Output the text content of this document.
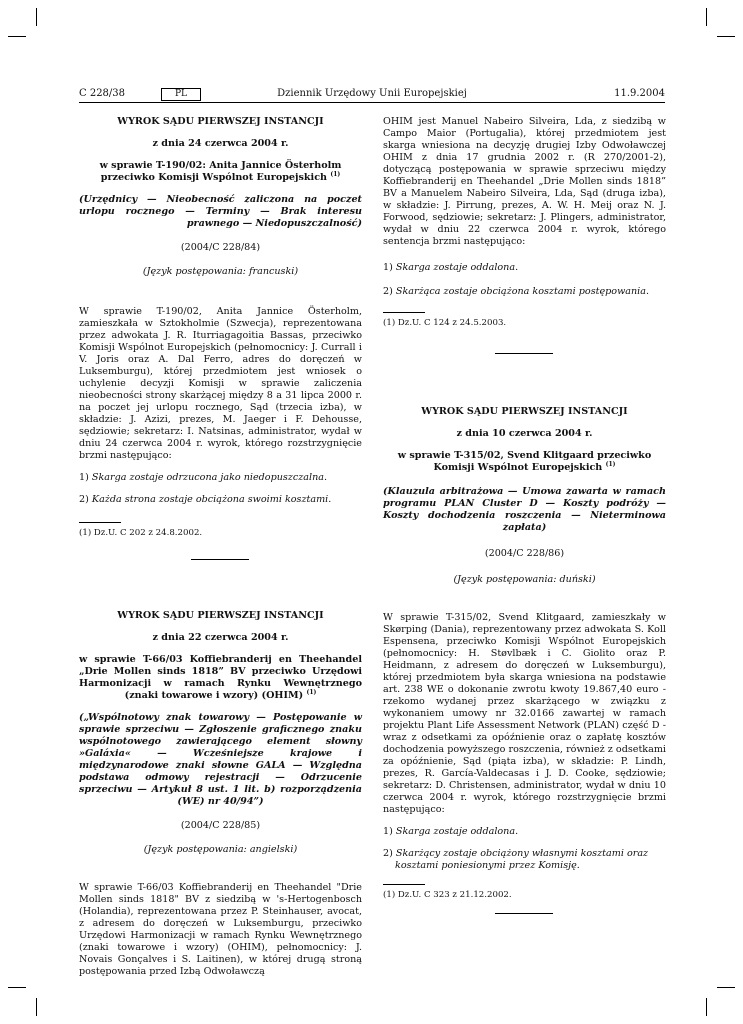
C 228/38	PL	Dziennik Urzędowy Unii Europejskiej	11.9.2004
WYROK SĄDU PIERWSZEJ INSTANCJI
z dnia 24 czerwca 2004 r.
w sprawie T-190/02: Anita Jannice Österholm przeciwko Komisji Wspólnot Europejskich $^{(1)}$
(Urzędnicy — Nieobecność zaliczona na poczet urlopu rocznego — Terminy — Brak interesu prawnego — Niedopuszczalność)
(2004/C 228/84)
(Język postępowania: francuski)

W sprawie T-190/02, Anita Jannice Österholm, zamieszkała w Sztokholmie (Szwecja), reprezentowana przez adwokata J. R. Iturriagagoitia Bassas, przeciwko Komisji Wspólnot Europejskich (pełnomocnicy: J. Currall i V. Joris oraz A. Dal Ferro, adres do doręczeń w Luksemburgu), której przedmiotem jest wniosek o uchylenie decyzji Komisji w sprawie zaliczenia nieobecności strony skarżącej między 8 a 31 lipca 2000 r. na poczet jej urlopu rocznego, Sąd (trzecia izba), w składzie: J. Azizi, prezes, M. Jaeger i F. Dehousse, sędziowie; sekretarz: I. Natsinas, administrator, wydał w dniu 24 czerwca 2004 r. wyrok, którego rozstrzygnięcie brzmi następująco:

1) Skarga zostaje odrzucona jako niedopuszczalna.
2) Każda strona zostaje obciążona swoimi kosztami.
(1) Dz.U. C 202 z 24.8.2002.
WYROK SĄDU PIERWSZEJ INSTANCJI
z dnia 22 czerwca 2004 r.
w sprawie T-66/03 Koffiebranderij en Theehandel „Drie Mollen sinds 1818” BV przeciwko Urzędowi Harmonizacji w ramach Rynku Wewnętrznego (znaki towarowe i wzory) (OHIM) $^{(1)}$
(„Wspólnotowy znak towarowy — Postępowanie w sprawie sprzeciwu — Zgłoszenie graficznego znaku wspólnotowego zawierającego element słowny »Galáxia« — Wcześniejsze krajowe i międzynarodowe znaki słowne GALA — Względna podstawa odmowy rejestracji — Odrzucenie sprzeciwu — Artykuł 8 ust. 1 lit. b) rozporządzenia (WE) nr 40/94”)
(2004/C 228/85)
(Język postępowania: angielski)

W sprawie T-66/03 Koffiebranderij en Theehandel "Drie Mollen sinds 1818" BV z siedzibą w 's-Hertogenbosch (Holandia), reprezentowana przez P. Steinhauser, avocat, z adresem do doręczeń w Luksemburgu, przeciwko Urzędowi Harmonizacji w ramach Rynku Wewnętrznego (znaki towarowe i wzory) (OHIM), pełnomocnicy: J. Novais Gonçalves i S. Laitinen), w której drugą stroną postępowania przed Izbą Odwoławczą

OHIM jest Manuel Nabeiro Silveira, Lda, z siedzibą w Campo Maior (Portugalia), której przedmiotem jest skarga wniesiona na decyzję drugiej Izby Odwoławczej OHIM z dnia 17 grudnia 2002 r. (R 270/2001-2), dotyczącą postępowania w sprawie sprzeciwu między Koffiebranderij en Theehandel „Drie Mollen sinds 1818” BV a Manuelem Nabeiro Silveira, Lda, Sąd (druga izba), w składzie: J. Pirrung, prezes, A. W. H. Meij oraz N. J. Forwood, sędziowie; sekretarz: J. Plingers, administrator, wydał w dniu 22 czerwca 2004 r. wyrok, którego sentencja brzmi następująco:

1) Skarga zostaje oddalona.
2) Skarżąca zostaje obciążona kosztami postępowania.
(1) Dz.U. C 124 z 24.5.2003.
WYROK SĄDU PIERWSZEJ INSTANCJI
z dnia 10 czerwca 2004 r.
w sprawie T-315/02, Svend Klitgaard przeciwko Komisji Wspólnot Europejskich $^{(1)}$
(Klauzula arbitrażowa — Umowa zawarta w ramach programu PLAN Cluster D — Koszty podróży — Koszty dochodzenia roszczenia — Nieterminowa zapłata)
(2004/C 228/86)
(Język postępowania: duński)

W sprawie T-315/02, Svend Klitgaard, zamieszkały w Skørping (Dania), reprezentowany przez adwokata S. Koll Espensena, przeciwko Komisji Wspólnot Europejskich (pełnomocnicy: H. Støvlbæk i C. Giolito oraz P. Heidmann, z adresem do doręczeń w Luksemburgu), której przedmiotem była skarga wniesiona na podstawie art. 238 WE o dokonanie zwrotu kwoty 19.867,40 euro - rzekomo wydanej przez skarżącego w związku z wykonaniem umowy nr 32.0166 zawartej w ramach projektu Plant Life Assessment Network (PLAN) część D - wraz z odsetkami za opóźnienie oraz o zapłatę kosztów dochodzenia powyższego roszczenia, również z odsetkami za opóźnienie, Sąd (piąta izba), w składzie: P. Lindh, prezes, R. García-Valdecasas i J. D. Cooke, sędziowie; sekretarz: D. Christensen, administrator, wydał w dniu 10 czerwca 2004 r. wyrok, którego rozstrzygnięcie brzmi następująco:

1) Skarga zostaje oddalona.
2) Skarżący zostaje obciążony własnymi kosztami oraz kosztami poniesionymi przez Komisję.
(1) Dz.U. C 323 z 21.12.2002.
